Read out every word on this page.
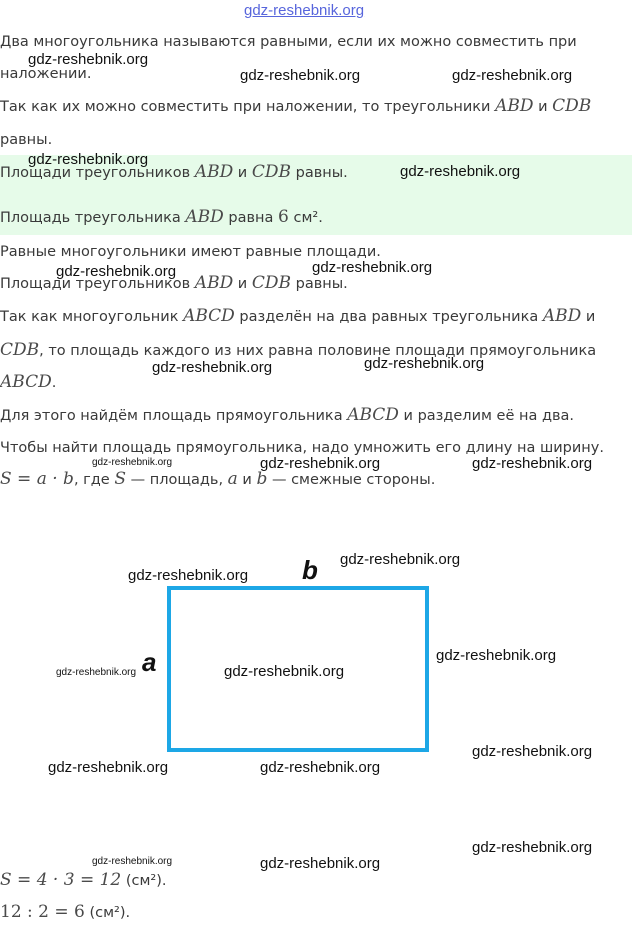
gdz-reshebnik.org
Два многоугольника называются равными, если их можно совместить при
наложении.
Так как их можно совместить при наложении, то треугольники ABD и CDB
равны.
Площади треугольников ABD и CDB равны.
Площадь треугольника ABD равна 6 см².
Равные многоугольники имеют равные площади.
Площади треугольников ABD и CDB равны.
Так как многоугольник ABCD разделён на два равных треугольника ABD и
CDB, то площадь каждого из них равна половине площади прямоугольника
ABCD.
Для этого найдём площадь прямоугольника ABCD и разделим её на два.
Чтобы найти площадь прямоугольника, надо умножить его длину на ширину.
S = a · b, где S — площадь, a и b — смежные стороны.
b
a
S = 4 · 3 = 12 (см²).
12 : 2 = 6 (см²).
gdz-reshebnik.org
gdz-reshebnik.org	gdz-reshebnik.org
gdz-reshebnik.org
gdz-reshebnik.org
gdz-reshebnik.org	gdz-reshebnik.org
gdz-reshebnik.org	gdz-reshebnik.org
gdz-reshebnik.org	gdz-reshebnik.org	gdz-reshebnik.org
gdz-reshebnik.org
gdz-reshebnik.org
gdz-reshebnik.org
gdz-reshebnik.org	gdz-reshebnik.org
gdz-reshebnik.org
gdz-reshebnik.org	gdz-reshebnik.org
gdz-reshebnik.org
gdz-reshebnik.org	gdz-reshebnik.org
